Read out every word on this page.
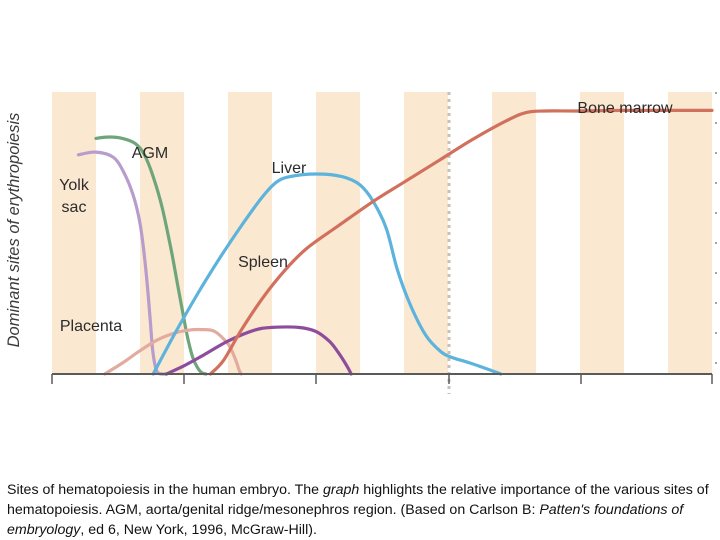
Dominant sites of erythropoiesis Yolk sac
AGM
Placenta
Liver
Spleen
Bone marrow
Sites of hematopoiesis in the human embryo. The graph highlights the relative importance of the various sites of hematopoiesis. AGM, aorta/genital ridge/mesonephros region. (Based on Carlson B: Patten's foundations of embryology, ed 6, New York, 1996, McGraw-Hill).
